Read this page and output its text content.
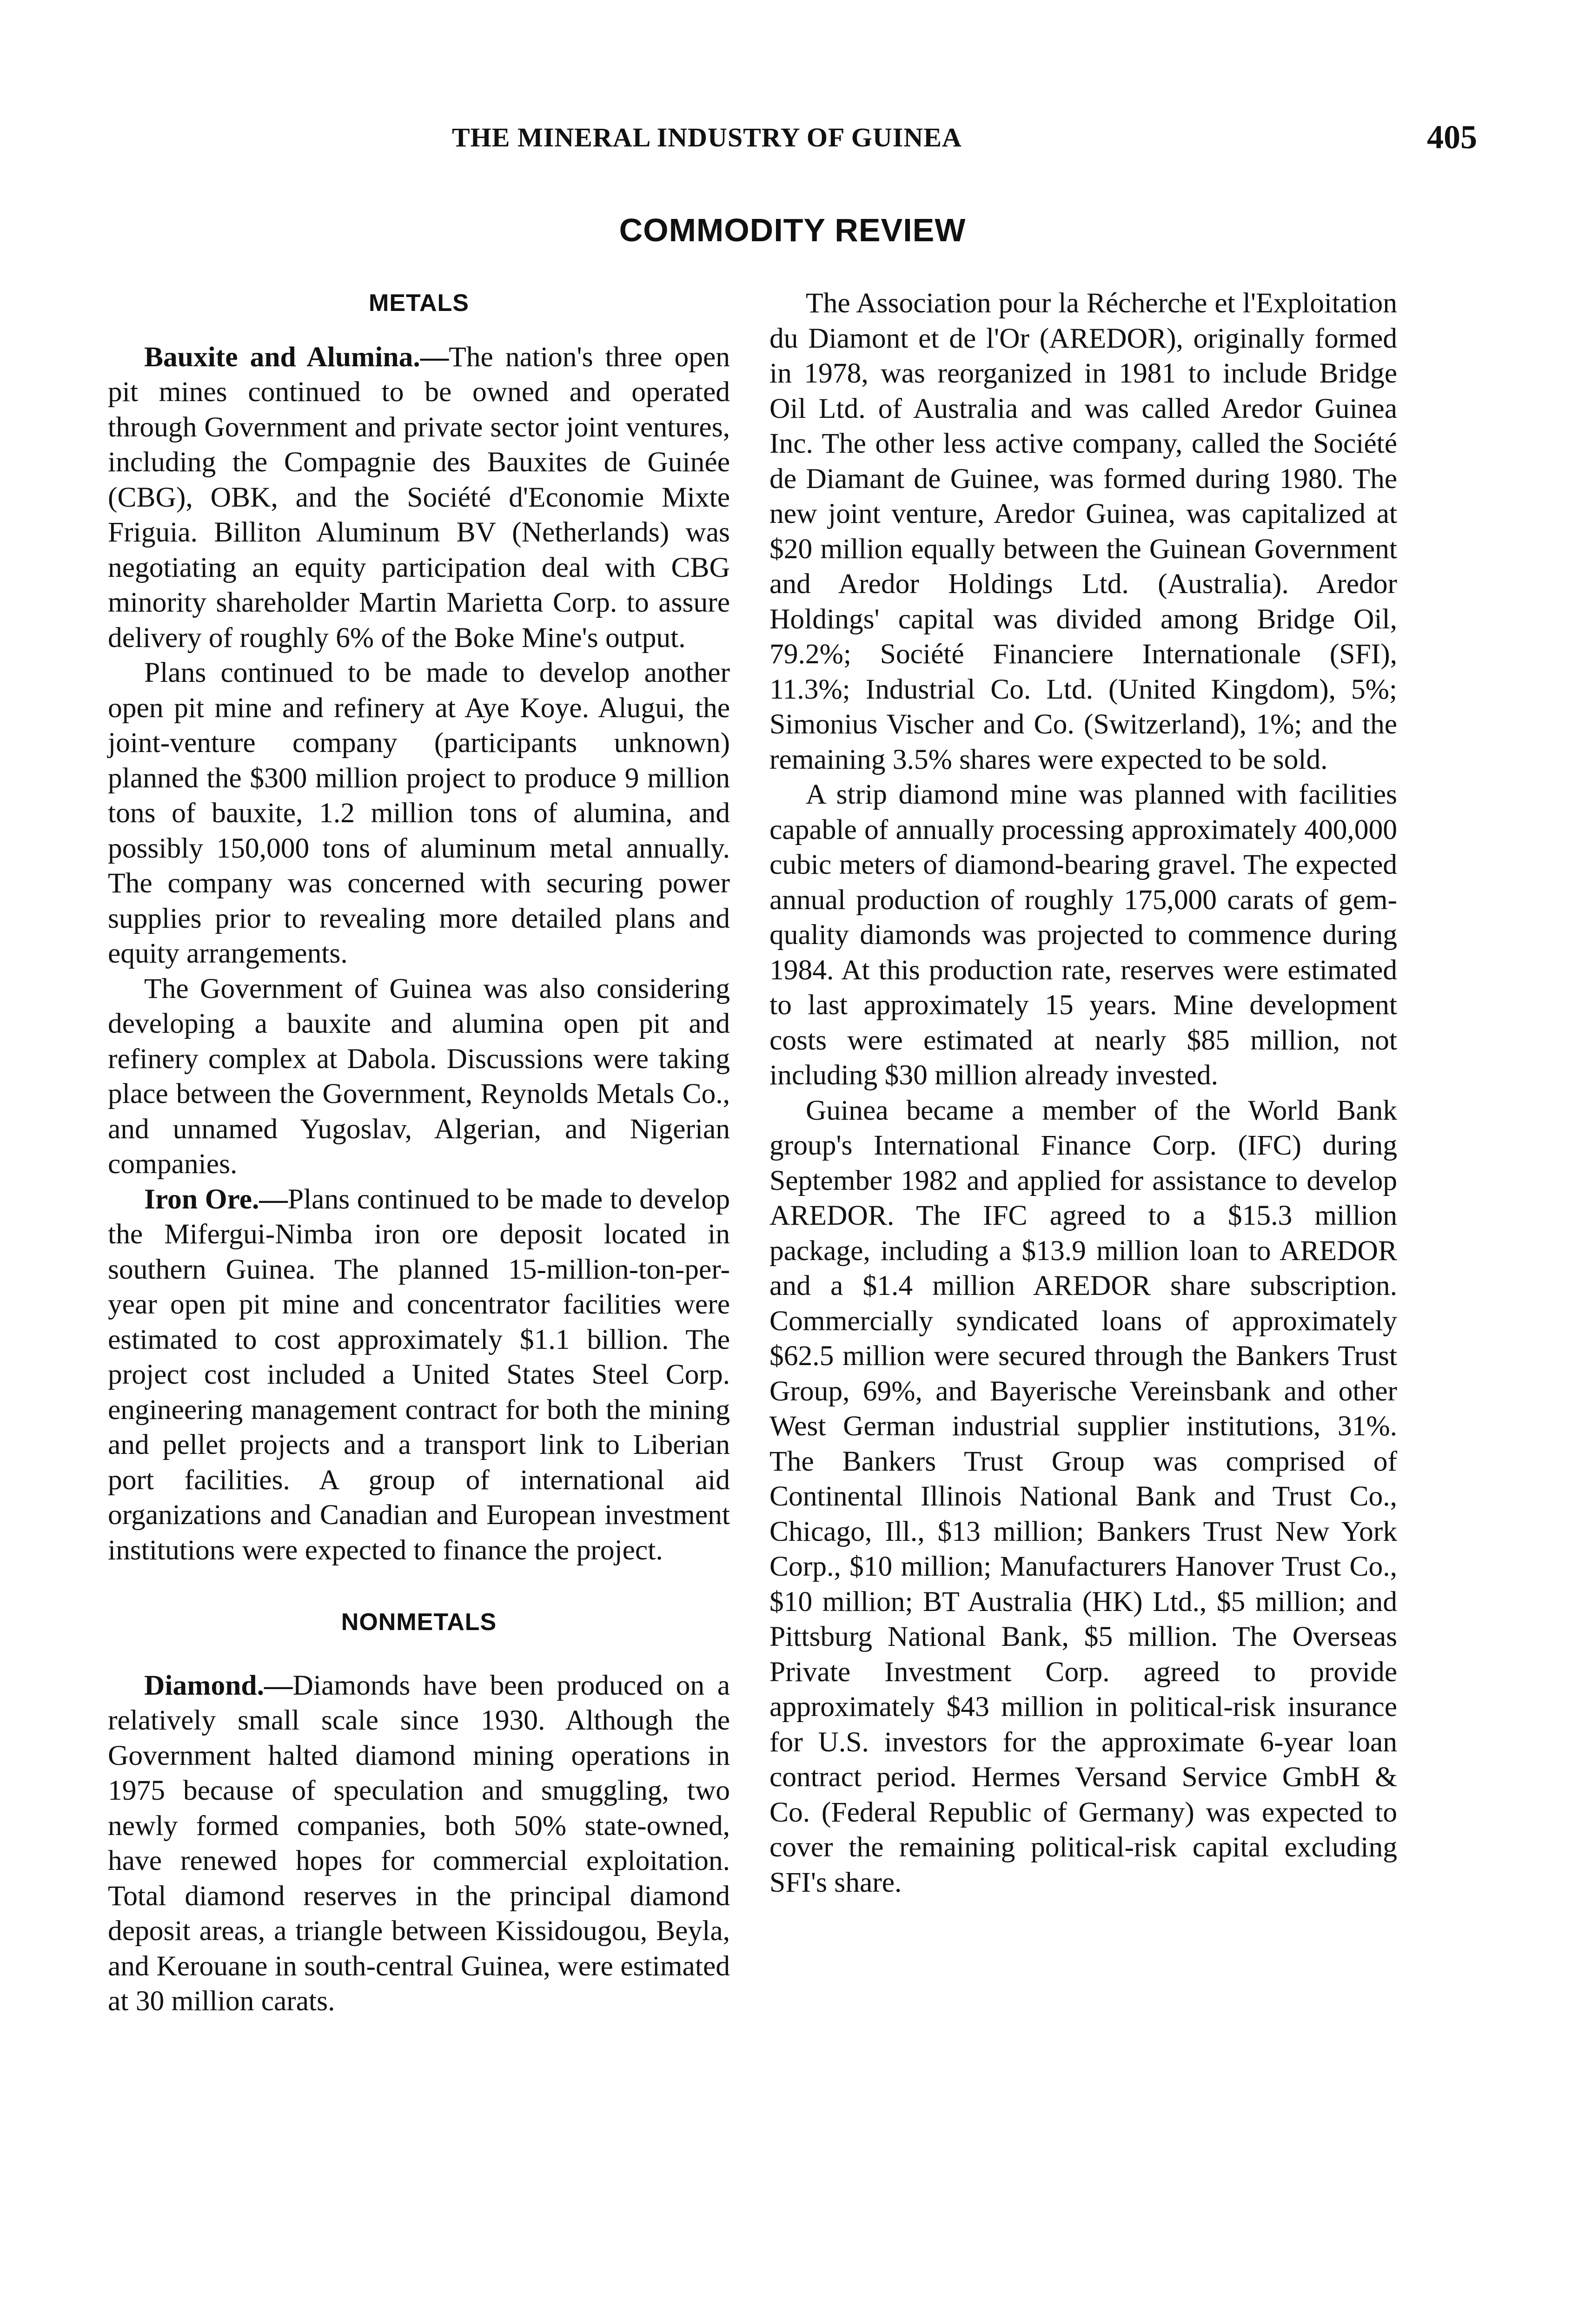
THE MINERAL INDUSTRY OF GUINEA	405
COMMODITY REVIEW
METALS

Bauxite and Alumina.—The nation's three open pit mines continued to be owned and operated through Government and private sector joint ventures, including the Compagnie des Bauxites de Guinée (CBG), OBK, and the Société d'Economie Mixte Friguia. Billiton Aluminum BV (Netherlands) was negotiating an equity participation deal with CBG minority shareholder Martin Marietta Corp. to assure delivery of roughly 6% of the Boke Mine's output.

Plans continued to be made to develop another open pit mine and refinery at Aye Koye. Alugui, the joint-venture company (participants unknown) planned the $300 million project to produce 9 million tons of bauxite, 1.2 million tons of alumina, and possibly 150,000 tons of aluminum metal annually. The company was concerned with securing power supplies prior to revealing more detailed plans and equity arrangements.

The Government of Guinea was also considering developing a bauxite and alumina open pit and refinery complex at Dabola. Discussions were taking place between the Government, Reynolds Metals Co., and unnamed Yugoslav, Algerian, and Nigerian companies.

Iron Ore.—Plans continued to be made to develop the Mifergui-Nimba iron ore deposit located in southern Guinea. The planned 15-million-ton-per-year open pit mine and concentrator facilities were estimated to cost approximately $1.1 billion. The project cost included a United States Steel Corp. engineering management contract for both the mining and pellet projects and a transport link to Liberian port facilities. A group of international aid organizations and Canadian and European investment institutions were expected to finance the project.

NONMETALS

Diamond.—Diamonds have been produced on a relatively small scale since 1930. Although the Government halted diamond mining operations in 1975 because of speculation and smuggling, two newly formed companies, both 50% state-owned, have renewed hopes for commercial exploitation. Total diamond reserves in the principal diamond deposit areas, a triangle between Kissidougou, Beyla, and Kerouane in south-central Guinea, were estimated at 30 million carats.

The Association pour la Récherche et l'Exploitation du Diamont et de l'Or (AREDOR), originally formed in 1978, was reorganized in 1981 to include Bridge Oil Ltd. of Australia and was called Aredor Guinea Inc. The other less active company, called the Société de Diamant de Guinee, was formed during 1980. The new joint venture, Aredor Guinea, was capitalized at $20 million equally between the Guinean Government and Aredor Holdings Ltd. (Australia). Aredor Holdings' capital was divided among Bridge Oil, 79.2%; Société Financiere Internationale (SFI), 11.3%; Industrial Co. Ltd. (United Kingdom), 5%; Simonius Vischer and Co. (Switzerland), 1%; and the remaining 3.5% shares were expected to be sold.

A strip diamond mine was planned with facilities capable of annually processing approximately 400,000 cubic meters of diamond-bearing gravel. The expected annual production of roughly 175,000 carats of gem-quality diamonds was projected to commence during 1984. At this production rate, reserves were estimated to last approximately 15 years. Mine development costs were estimated at nearly $85 million, not including $30 million already invested.

Guinea became a member of the World Bank group's International Finance Corp. (IFC) during September 1982 and applied for assistance to develop AREDOR. The IFC agreed to a $15.3 million package, including a $13.9 million loan to AREDOR and a $1.4 million AREDOR share subscription. Commercially syndicated loans of approximately $62.5 million were secured through the Bankers Trust Group, 69%, and Bayerische Vereinsbank and other West German industrial supplier institutions, 31%. The Bankers Trust Group was comprised of Continental Illinois National Bank and Trust Co., Chicago, Ill., $13 million; Bankers Trust New York Corp., $10 million; Manufacturers Hanover Trust Co., $10 million; BT Australia (HK) Ltd., $5 million; and Pittsburg National Bank, $5 million. The Overseas Private Investment Corp. agreed to provide approximately $43 million in political-risk insurance for U.S. investors for the approximate 6-year loan contract period. Hermes Versand Service GmbH & Co. (Federal Republic of Germany) was expected to cover the remaining political-risk capital excluding SFI's share.
